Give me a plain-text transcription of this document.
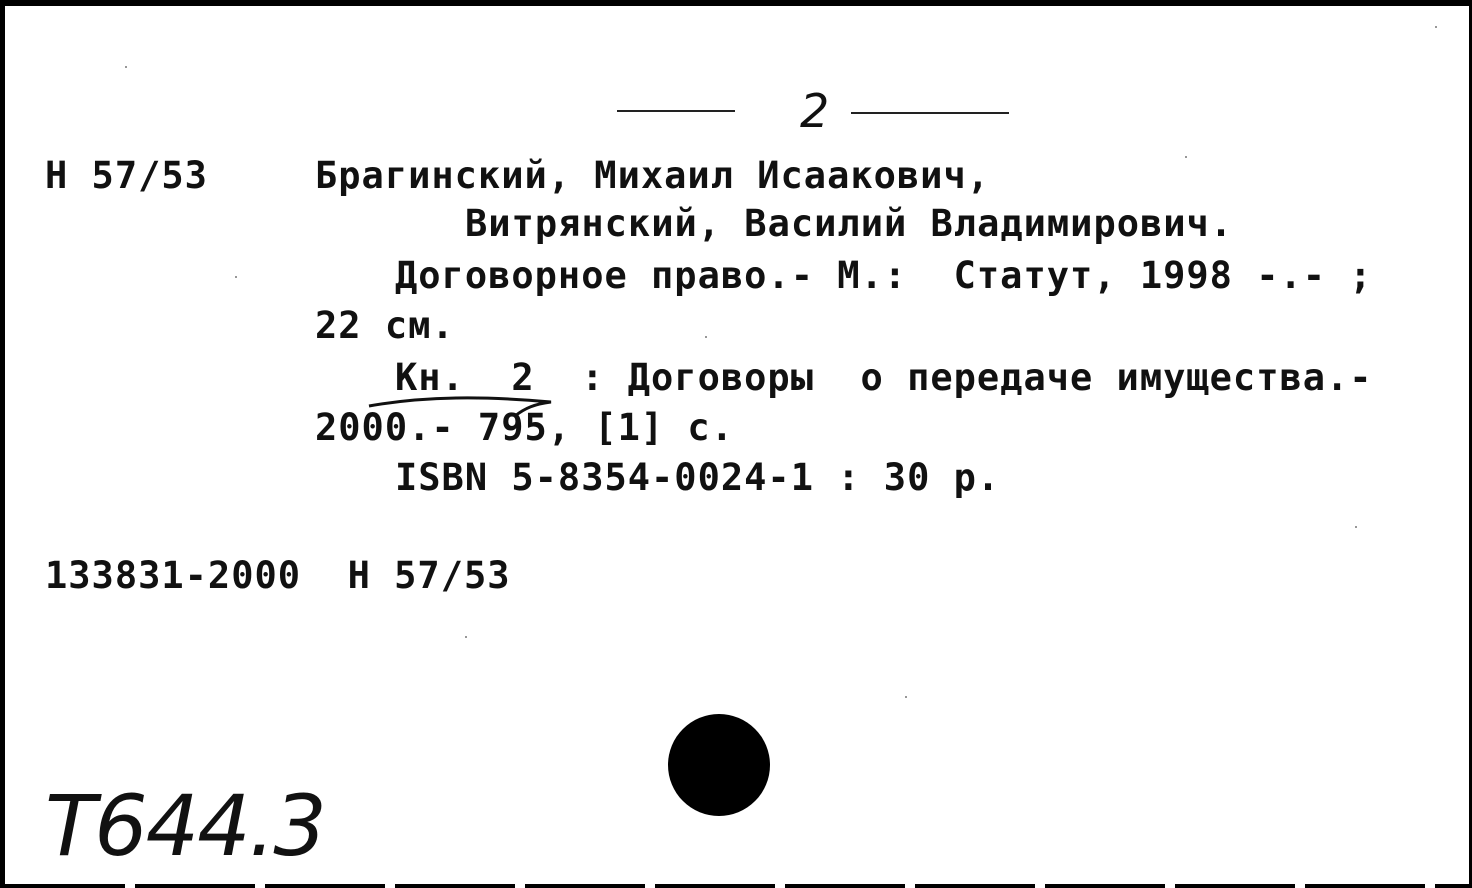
2
Н 57/53	Брагинский, Михаил Исаакович,
Витрянский, Василий Владимирович.
Договорное право.- М.:  Статут, 1998 -.- ;
22 см.
Кн.  2  : Договоры  о передаче имущества.-
2000.- 795, [1] с.
ISBN 5-8354-0024-1 : 30 р.
133831-2000  Н 57/53
Т644.3
